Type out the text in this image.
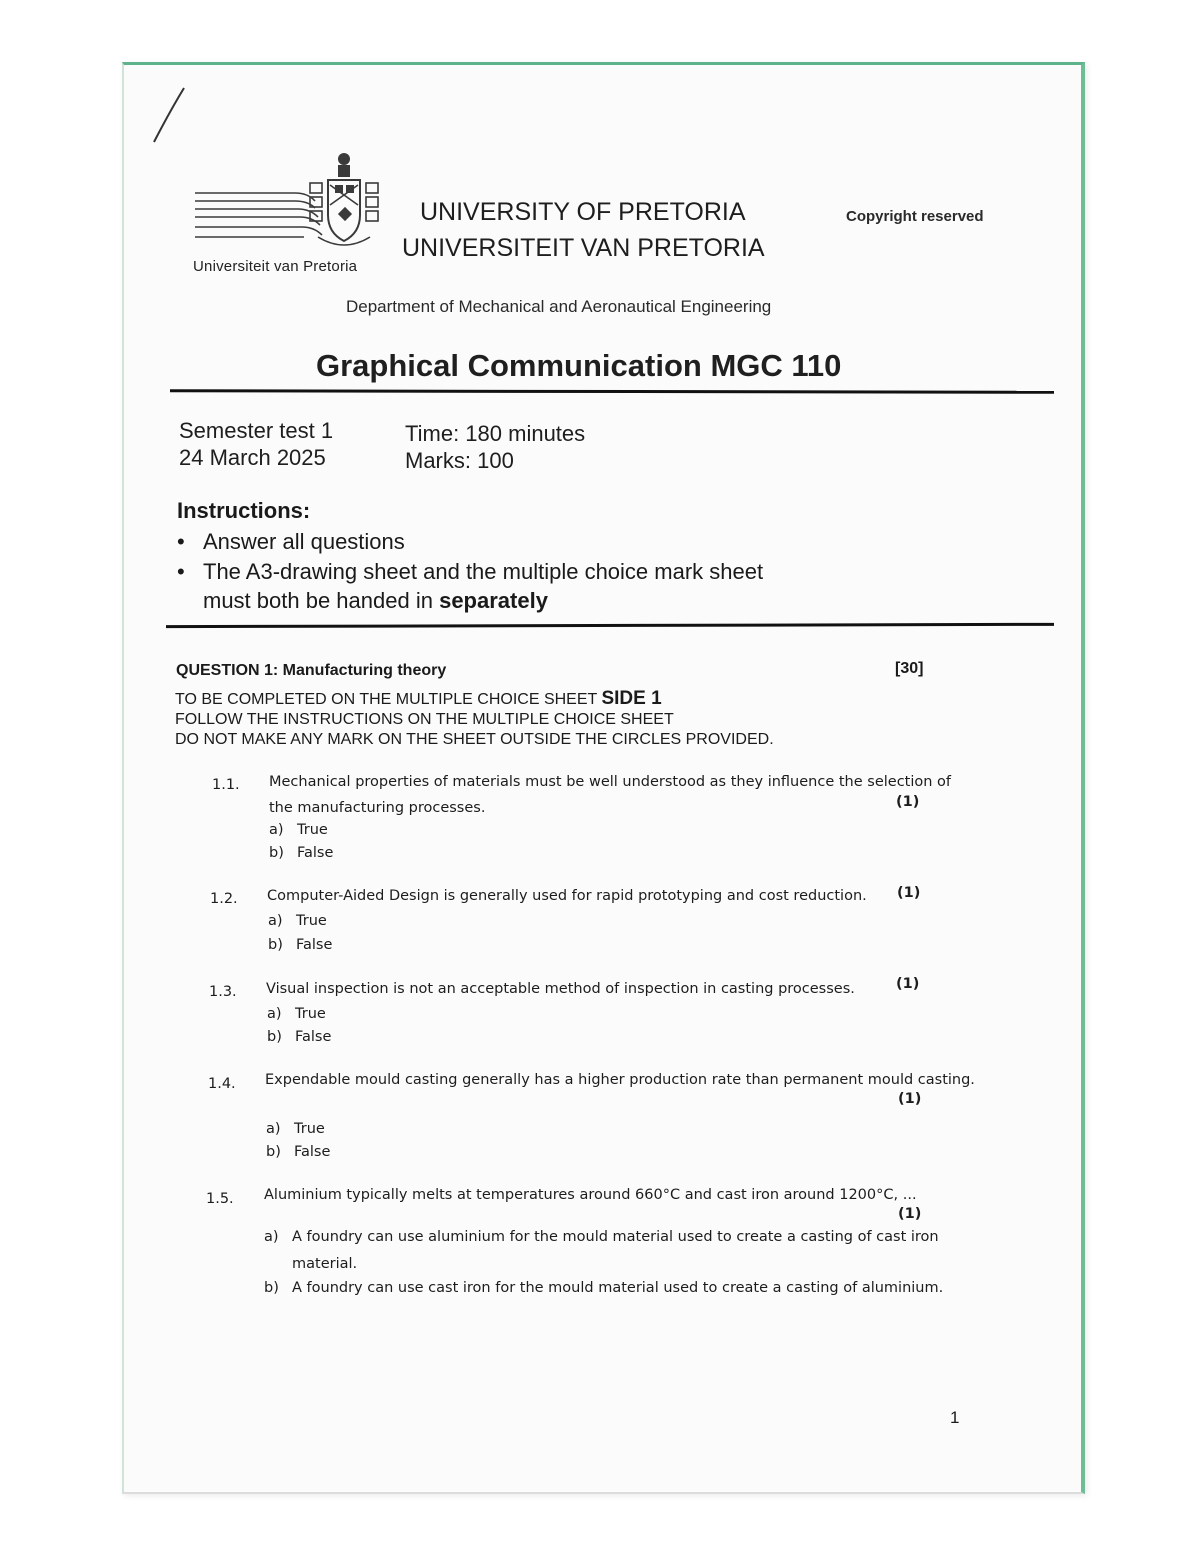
Universiteit van Pretoria
UNIVERSITY OF PRETORIA
UNIVERSITEIT VAN PRETORIA
Copyright reserved
Department of Mechanical and Aeronautical Engineering
Graphical Communication MGC 110
Semester test 1
24 March 2025
Time: 180 minutes
Marks: 100
Instructions:
• Answer all questions
• The A3-drawing sheet and the multiple choice mark sheet
must both be handed in separately
QUESTION 1: Manufacturing theory	[30]
TO BE COMPLETED ON THE MULTIPLE CHOICE SHEET SIDE 1
FOLLOW THE INSTRUCTIONS ON THE MULTIPLE CHOICE SHEET
DO NOT MAKE ANY MARK ON THE SHEET OUTSIDE THE CIRCLES PROVIDED.
1.1. Mechanical properties of materials must be well understood as they influence the selection of
the manufacturing processes.	(1)
a) True
b) False
1.2. Computer-Aided Design is generally used for rapid prototyping and cost reduction. (1)
a) True
b) False
1.3. Visual inspection is not an acceptable method of inspection in casting processes.	(1)
a) True
b) False
1.4. Expendable mould casting generally has a higher production rate than permanent mould casting.
(1)
a) True
b) False
1.5. Aluminium typically melts at temperatures around 660°C and cast iron around 1200°C, ...
(1)
a) A foundry can use aluminium for the mould material used to create a casting of cast iron
material.
b) A foundry can use cast iron for the mould material used to create a casting of aluminium.
1
